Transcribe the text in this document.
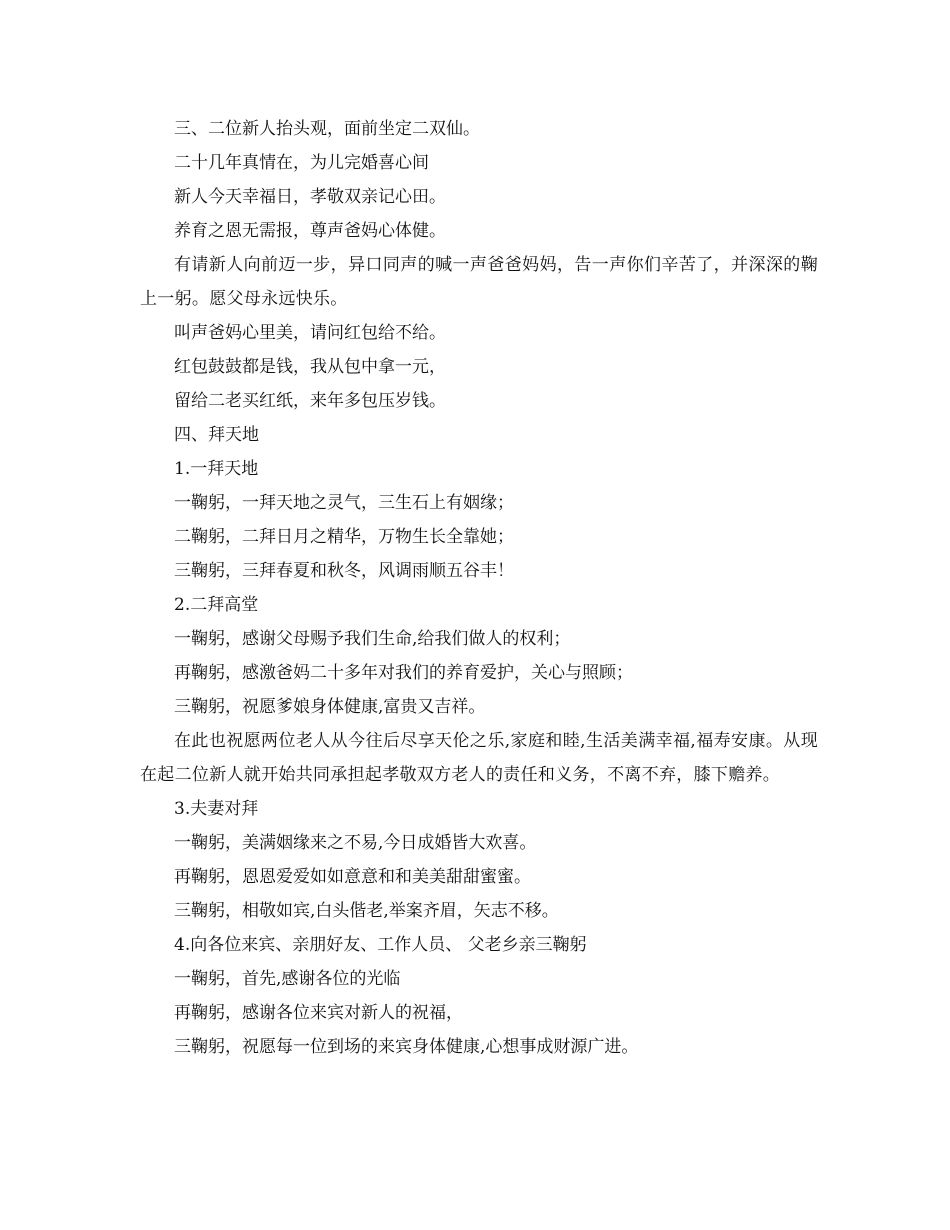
三、二位新人抬头观，面前坐定二双仙。

二十几年真情在，为儿完婚喜心间

新人今天幸福日，孝敬双亲记心田。

养育之恩无需报，尊声爸妈心体健。

有请新人向前迈一步，异口同声的喊一声爸爸妈妈，告一声你们辛苦了，并深深的鞠上一躬。愿父母永远快乐。

叫声爸妈心里美，请问红包给不给。

红包鼓鼓都是钱，我从包中拿一元，

留给二老买红纸，来年多包压岁钱。

四、拜天地

1.一拜天地

一鞠躬，一拜天地之灵气，三生石上有姻缘；

二鞠躬，二拜日月之精华，万物生长全靠她；

三鞠躬，三拜春夏和秋冬，风调雨顺五谷丰！

2.二拜高堂

一鞠躬，感谢父母赐予我们生命,给我们做人的权利；

再鞠躬，感激爸妈二十多年对我们的养育爱护，关心与照顾；

三鞠躬，祝愿爹娘身体健康,富贵又吉祥。

在此也祝愿两位老人从今往后尽享天伦之乐,家庭和睦,生活美满幸福,福寿安康。从现在起二位新人就开始共同承担起孝敬双方老人的责任和义务，不离不弃，膝下赡养。

3.夫妻对拜

一鞠躬，美满姻缘来之不易,今日成婚皆大欢喜。

再鞠躬，恩恩爱爱如如意意和和美美甜甜蜜蜜。

三鞠躬，相敬如宾,白头偕老,举案齐眉，矢志不移。

4.向各位来宾、亲朋好友、工作人员、 父老乡亲三鞠躬

一鞠躬，首先,感谢各位的光临

再鞠躬，感谢各位来宾对新人的祝福，

三鞠躬，祝愿每一位到场的来宾身体健康,心想事成财源广进。
